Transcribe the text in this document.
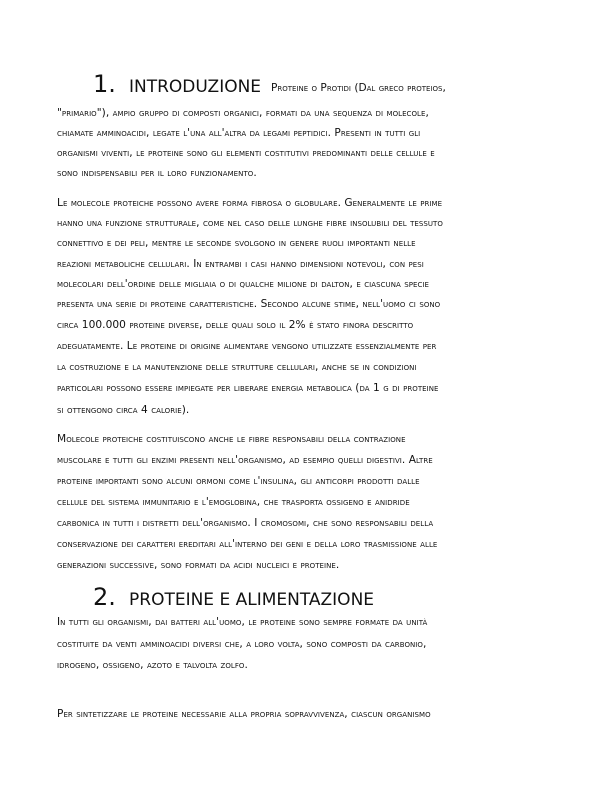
1. INTRODUZIONE Proteine o Protidi (Dal greco proteios,
"primario"), ampio gruppo di composti organici, formati da una sequenza di molecole,
chiamate amminoacidi, legate l'una all'altra da legami peptidici. Presenti in tutti gli
organismi viventi, le proteine sono gli elementi costitutivi predominanti delle cellule e
sono indispensabili per il loro funzionamento.
Le molecole proteiche possono avere forma fibrosa o globulare. Generalmente le prime
hanno una funzione strutturale, come nel caso delle lunghe fibre insolubili del tessuto
connettivo e dei peli, mentre le seconde svolgono in genere ruoli importanti nelle
reazioni metaboliche cellulari. In entrambi i casi hanno dimensioni notevoli, con pesi
molecolari dell'ordine delle migliaia o di qualche milione di dalton, e ciascuna specie
presenta una serie di proteine caratteristiche. Secondo alcune stime, nell'uomo ci sono
circa 100.000 proteine diverse, delle quali solo il 2% è stato finora descritto
adeguatamente. Le proteine di origine alimentare vengono utilizzate essenzialmente per
la costruzione e la manutenzione delle strutture cellulari, anche se in condizioni
particolari possono essere impiegate per liberare energia metabolica (da 1 g di proteine
si ottengono circa 4 calorie).
Molecole proteiche costituiscono anche le fibre responsabili della contrazione
muscolare e tutti gli enzimi presenti nell'organismo, ad esempio quelli digestivi. Altre
proteine importanti sono alcuni ormoni come l'insulina, gli anticorpi prodotti dalle
cellule del sistema immunitario e l'emoglobina, che trasporta ossigeno e anidride
carbonica in tutti i distretti dell'organismo. I cromosomi, che sono responsabili della
conservazione dei caratteri ereditari all'interno dei geni e della loro trasmissione alle
generazioni successive, sono formati da acidi nucleici e proteine.
2. PROTEINE E ALIMENTAZIONE
In tutti gli organismi, dai batteri all'uomo, le proteine sono sempre formate da unità
costituite da venti amminoacidi diversi che, a loro volta, sono composti da carbonio,
idrogeno, ossigeno, azoto e talvolta zolfo.
Per sintetizzare le proteine necessarie alla propria sopravvivenza, ciascun organismo
